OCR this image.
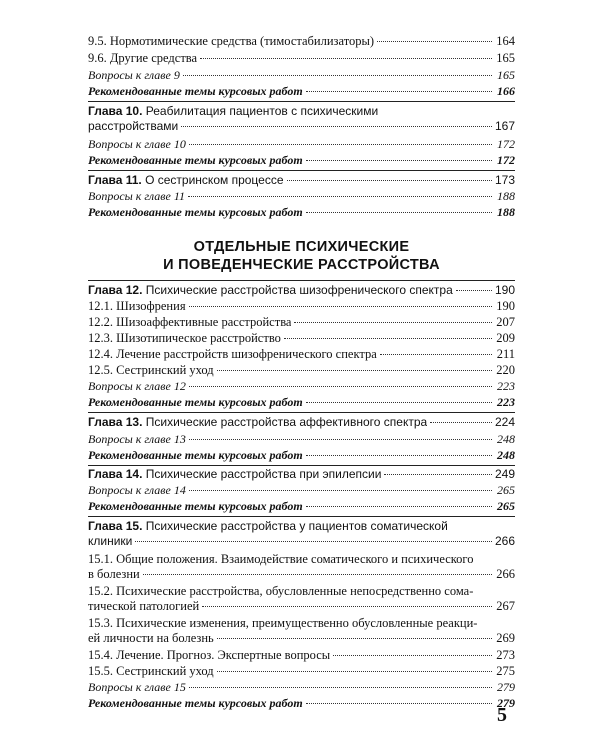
9.5. Нормотимические средства (тимостабилизаторы)	164
9.6. Другие средства	165
Вопросы к главе 9	165
Рекомендованные темы курсовых работ	166
Глава 10. Реабилитация пациентов с психическими
расстройствами	167
Вопросы к главе 10	172
Рекомендованные темы курсовых работ	172
Глава 11. О сестринском процессе	173
Вопросы к главе 11	188
Рекомендованные темы курсовых работ	188
ОТДЕЛЬНЫЕ ПСИХИЧЕСКИЕ
И ПОВЕДЕНЧЕСКИЕ РАССТРОЙСТВА
Глава 12. Психические расстройства шизофренического спектра	190
12.1. Шизофрения	190
12.2. Шизоаффективные расстройства	207
12.3. Шизотипическое расстройство	209
12.4. Лечение расстройств шизофренического спектра	211
12.5. Сестринский уход	220
Вопросы к главе 12	223
Рекомендованные темы курсовых работ	223
Глава 13. Психические расстройства аффективного спектра	224
Вопросы к главе 13	248
Рекомендованные темы курсовых работ	248
Глава 14. Психические расстройства при эпилепсии	249
Вопросы к главе 14	265
Рекомендованные темы курсовых работ	265
Глава 15. Психические расстройства у пациентов соматической
клиники	266
15.1. Общие положения. Взаимодействие соматического и психического
в болезни	266
15.2. Психические расстройства, обусловленные непосредственно сома-
тической патологией	267
15.3. Психические изменения, преимущественно обусловленные реакци-
ей личности на болезнь	269
15.4. Лечение. Прогноз. Экспертные вопросы	273
15.5. Сестринский уход	275
Вопросы к главе 15	279
Рекомендованные темы курсовых работ	279
5
